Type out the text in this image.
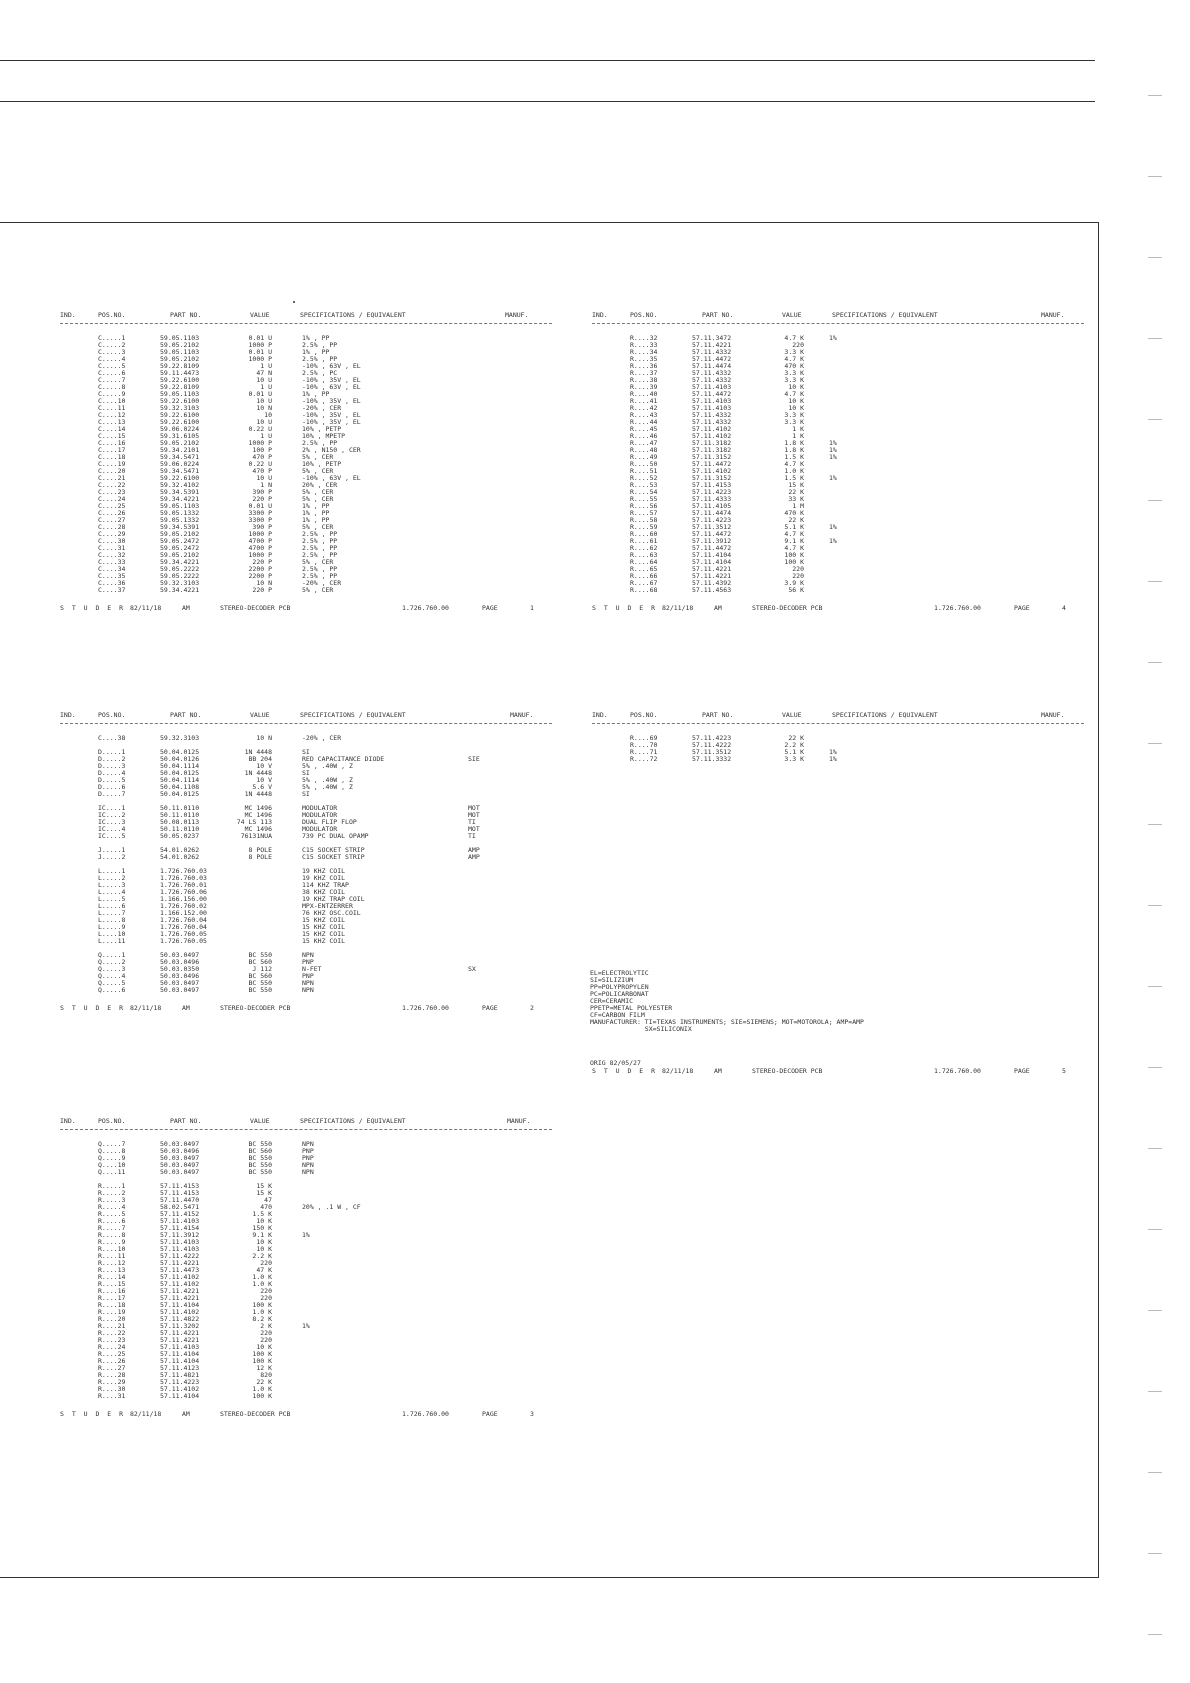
IND.	POS.NO.	PART NO.	VALUE	SPECIFICATIONS / EQUIVALENT	MANUF.
C.....1	59.05.1103	0.01 U	1% , PP
C.....2	59.05.2102	1000 P	2.5% , PP
C.....3	59.05.1103	0.01 U	1% , PP
C.....4	59.05.2102	1000 P	2.5% , PP
C.....5	59.22.8109	1 U	-10% , 63V , EL
C.....6	59.11.4473	47 N	2.5% , PC
C.....7	59.22.6100	10 U	-10% , 35V , EL
C.....8	59.22.8109	1 U	-10% , 63V , EL
C.....9	59.05.1103	0.01 U	1% , PP
C....10	59.22.6100	10 U	-10% , 35V , EL
C....11	59.32.3103	10 N	-20% , CER
C....12	59.22.6100	10	-10% , 35V , EL
C....13	59.22.6100	10 U	-10% , 35V , EL
C....14	59.06.0224	0.22 U	10% , PETP
C....15	59.31.6105	1 U	10% , MPETP
C....16	59.05.2102	1000 P	2.5% , PP
C....17	59.34.2101	100 P	2% , N150 , CER
C....18	59.34.5471	470 P	5% , CER
C....19	59.06.0224	0.22 U	10% , PETP
C....20	59.34.5471	470 P	5% , CER
C....21	59.22.6100	10 U	-10% , 63V , EL
C....22	59.32.4102	1 N	20% , CER
C....23	59.34.5391	390 P	5% , CER
C....24	59.34.4221	220 P	5% , CER
C....25	59.05.1103	0.01 U	1% , PP
C....26	59.05.1332	3300 P	1% , PP
C....27	59.05.1332	3300 P	1% , PP
C....28	59.34.5391	390 P	5% , CER
C....29	59.05.2102	1000 P	2.5% , PP
C....30	59.05.2472	4700 P	2.5% , PP
C....31	59.05.2472	4700 P	2.5% , PP
C....32	59.05.2102	1000 P	2.5% , PP
C....33	59.34.4221	220 P	5% , CER
C....34	59.05.2222	2200 P	2.5% , PP
C....35	59.05.2222	2200 P	2.5% , PP
C....36	59.32.3103	10 N	-20% , CER
C....37	59.34.4221	220 P	5% , CER
S T U D E R 82/11/18	AM	STEREO-DECODER PCB	1.726.760.00	PAGE	1
IND.	POS.NO.	PART NO.	VALUE	SPECIFICATIONS / EQUIVALENT	MANUF.
R....32	57.11.3472	4.7 K	1%
R....33	57.11.4221	220
R....34	57.11.4332	3.3 K
R....35	57.11.4472	4.7 K
R....36	57.11.4474	470 K
R....37	57.11.4332	3.3 K
R....38	57.11.4332	3.3 K
R....39	57.11.4103	10 K
R....40	57.11.4472	4.7 K
R....41	57.11.4103	10 K
R....42	57.11.4103	10 K
R....43	57.11.4332	3.3 K
R....44	57.11.4332	3.3 K
R....45	57.11.4102	1 K
R....46	57.11.4102	1 K
R....47	57.11.3182	1.8 K	1%
R....48	57.11.3182	1.8 K	1%
R....49	57.11.3152	1.5 K	1%
R....50	57.11.4472	4.7 K
R....51	57.11.4102	1.0 K
R....52	57.11.3152	1.5 K	1%
R....53	57.11.4153	15 K
R....54	57.11.4223	22 K
R....55	57.11.4333	33 K
R....56	57.11.4105	1 M
R....57	57.11.4474	470 K
R....58	57.11.4223	22 K
R....59	57.11.3512	5.1 K	1%
R....60	57.11.4472	4.7 K
R....61	57.11.3912	9.1 K	1%
R....62	57.11.4472	4.7 K
R....63	57.11.4104	100 K
R....64	57.11.4104	100 K
R....65	57.11.4221	220
R....66	57.11.4221	220
R....67	57.11.4392	3.9 K
R....68	57.11.4563	56 K
S T U D E R 82/11/18	AM	STEREO-DECODER PCB	1.726.760.00	PAGE	4
IND.	POS.NO.	PART NO.	VALUE	SPECIFICATIONS / EQUIVALENT	MANUF.
C....38	59.32.3103	10 N	-20% , CER
D.....1	50.04.0125	1N 4448	SI
D.....2	50.04.0126	BB 204	RED CAPACITANCE DIODE	SIE
D.....3	50.04.1114	10 V	5% , .40W , Z
D.....4	50.04.0125	1N 4448	SI
D.....5	50.04.1114	10 V	5% , .40W , Z
D.....6	50.04.1108	5.6 V	5% , .40W , Z
D.....7	50.04.0125	1N 4448	SI
IC....1	50.11.0110	MC 1496	MODULATOR	MOT
IC....2	50.11.0110	MC 1496	MODULATOR	MOT
IC....3	50.08.0113	74 LS 113	DUAL FLIP FLOP	TI
IC....4	50.11.0110	MC 1496	MODULATOR	MOT
IC....5	50.05.0237	76131NUA	739 PC DUAL OPAMP	TI
J.....1	54.01.0262	8 POLE	C15 SOCKET STRIP	AMP
J.....2	54.01.0262	8 POLE	C15 SOCKET STRIP	AMP
L.....1	1.726.760.03	19 KHZ COIL
L.....2	1.726.760.03	19 KHZ COIL
L.....3	1.726.760.01	114 KHZ TRAP
L.....4	1.726.760.06	38 KHZ COIL
L.....5	1.166.156.00	19 KHZ TRAP COIL
L.....6	1.726.760.02	MPX-ENTZERRER
L.....7	1.166.152.00	76 KHZ OSC.COIL
L.....8	1.726.760.04	15 KHZ COIL
L.....9	1.726.760.04	15 KHZ COIL
L....10	1.726.760.05	15 KHZ COIL
L....11	1.726.760.05	15 KHZ COIL
Q.....1	50.03.0497	BC 550	NPN
Q.....2	50.03.0496	BC 560	PNP
Q.....3	50.03.0350	J 112	N-FET	SX
Q.....4	50.03.0496	BC 560	PNP
Q.....5	50.03.0497	BC 550	NPN
Q.....6	50.03.0497	BC 550	NPN
S T U D E R 82/11/18	AM	STEREO-DECODER PCB	1.726.760.00	PAGE	2
IND.	POS.NO.	PART NO.	VALUE	SPECIFICATIONS / EQUIVALENT	MANUF.
R....69	57.11.4223	22 K
R....70	57.11.4222	2.2 K
R....71	57.11.3512	5.1 K	1%
R....72	57.11.3332	3.3 K	1%
IND.	POS.NO.	PART NO.	VALUE	SPECIFICATIONS / EQUIVALENT	MANUF.
Q.....7	50.03.0497	BC 550	NPN
Q.....8	50.03.0496	BC 560	PNP
Q.....9	50.03.0497	BC 550	PNP
Q....10	50.03.0497	BC 550	NPN
Q....11	50.03.0497	BC 550	NPN
R.....1	57.11.4153	15 K
R.....2	57.11.4153	15 K
R.....3	57.11.4470	47
R.....4	58.02.5471	470	20% , .1 W , CF
R.....5	57.11.4152	1.5 K
R.....6	57.11.4103	10 K
R.....7	57.11.4154	150 K
R.....8	57.11.3912	9.1 K	1%
R.....9	57.11.4103	10 K
R....10	57.11.4103	10 K
R....11	57.11.4222	2.2 K
R....12	57.11.4221	220
R....13	57.11.4473	47 K
R....14	57.11.4102	1.0 K
R....15	57.11.4102	1.0 K
R....16	57.11.4221	220
R....17	57.11.4221	220
R....18	57.11.4104	100 K
R....19	57.11.4102	1.0 K
R....20	57.11.4822	8.2 K
R....21	57.11.3202	2 K	1%
R....22	57.11.4221	220
R....23	57.11.4221	220
R....24	57.11.4103	10 K
R....25	57.11.4104	100 K
R....26	57.11.4104	100 K
R....27	57.11.4123	12 K
R....28	57.11.4821	820
R....29	57.11.4223	22 K
R....30	57.11.4102	1.0 K
R....31	57.11.4104	100 K
S T U D E R 82/11/18	AM	STEREO-DECODER PCB	1.726.760.00	PAGE	3
EL=ELECTROLYTIC
SI=SILIZIUM
PP=POLYPROPYLEN
PC=POLICARBONAT
CER=CERAMIC
PPETP=METAL POLYESTER
CF=CARBON FILM
MANUFACTURER: TI=TEXAS INSTRUMENTS; SIE=SIEMENS; MOT=MOTOROLA; AMP=AMP
SX=SILICONIX
ORIG 82/05/27
S T U D E R 82/11/18	AM	STEREO-DECODER PCB	1.726.760.00	PAGE	5
